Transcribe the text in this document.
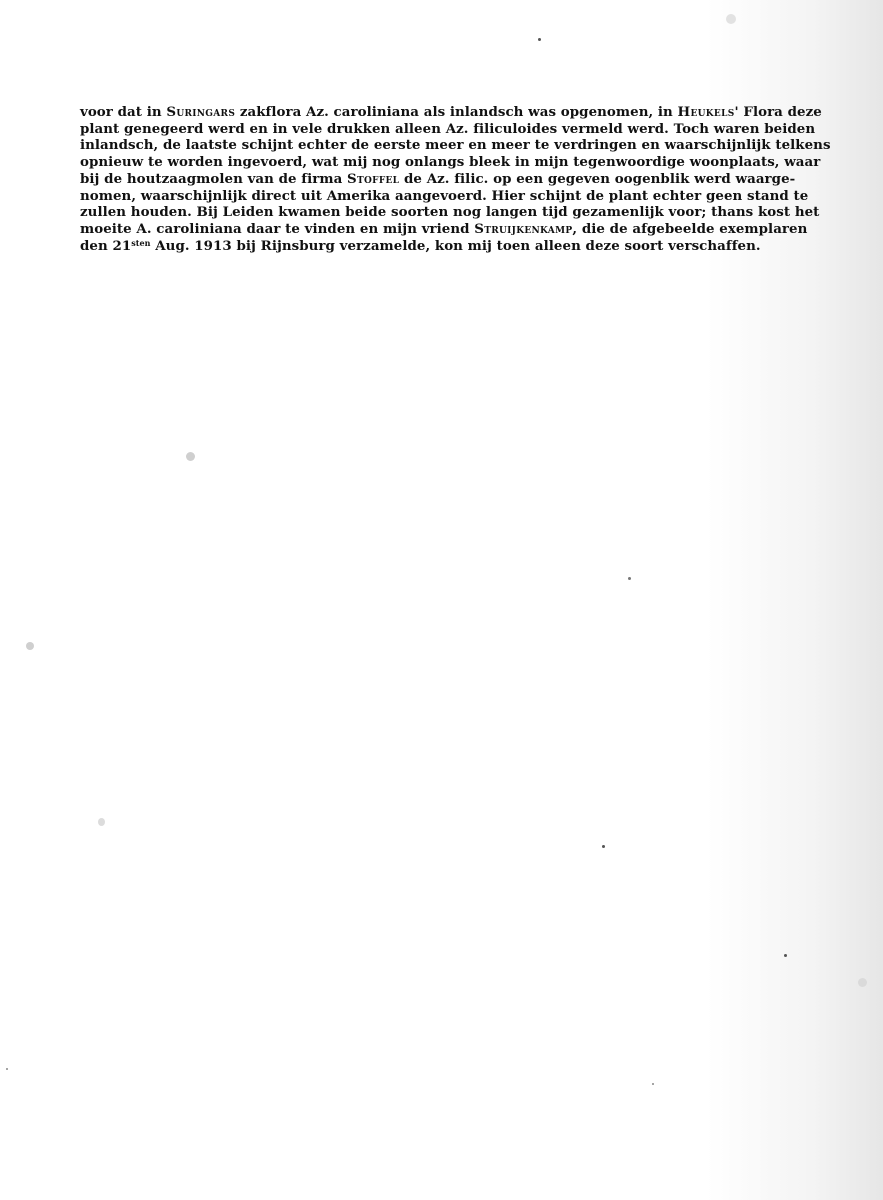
voor dat in Suringars zakflora Az. caroliniana als inlandsch was opgenomen, in Heukels' Flora deze
plant genegeerd werd en in vele drukken alleen Az. filiculoides vermeld werd. Toch waren beiden
inlandsch, de laatste schijnt echter de eerste meer en meer te verdringen en waarschijnlijk telkens
opnieuw te worden ingevoerd, wat mij nog onlangs bleek in mijn tegenwoordige woonplaats, waar
bij de houtzaagmolen van de firma Stoffel de Az. filic. op een gegeven oogenblik werd waarge-
nomen, waarschijnlijk direct uit Amerika aangevoerd. Hier schijnt de plant echter geen stand te
zullen houden. Bij Leiden kwamen beide soorten nog langen tijd gezamenlijk voor; thans kost het
moeite A. caroliniana daar te vinden en mijn vriend Struijkenkamp, die de afgebeelde exemplaren
den $21^{sten}$ Aug. 1913 bij Rijnsburg verzamelde, kon mij toen alleen deze soort verschaffen.
